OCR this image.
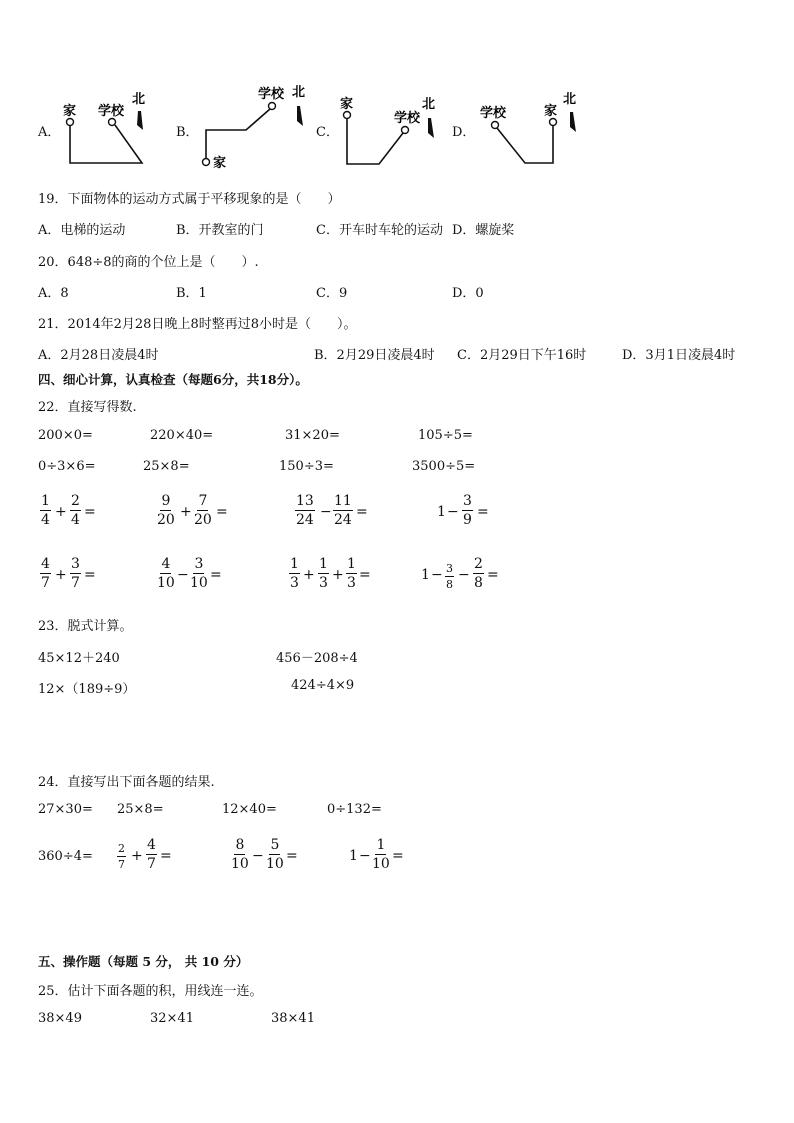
A．
家 学校
北
B．
学校 北
家
C．
家
学校
北
D．
学校	家
北
19．下面物体的运动方式属于平移现象的是（　　）
A．电梯的运动	B．开教室的门	C．开车时车轮的运动 D．螺旋桨
20．648÷8的商的个位上是（　　）.
A．8	B．1	C．9	D．0
21．2014年2月28日晚上8时整再过8小时是（　　）。
A．2月28日凌晨4时	B．2月29日凌晨4时 C．2月29日下午16时	D．3月1日凌晨4时
四、细心计算，认真检查（每题6分，共18分）。
22．直接写得数.
200×0=	220×40=	31×20=	105÷5=
0÷3×6=	25×8=	150÷3=	3500÷5=
$\frac{1}{4} + \frac{2}{4}$ =	$\frac{9}{20} + \frac{7}{20}$ =	$\frac{13}{24} - \frac{11}{24}$ =	$1 - \frac{3}{9}$ =
$\frac{4}{7} + \frac{3}{7}$ =	$\frac{4}{10} - \frac{3}{10}$ =	$\frac{1}{3} + \frac{1}{3} + \frac{1}{3}$ =	$1 - \frac{3}{8} - \frac{2}{8}$ =
23．脱式计算。
45×12＋240	456－208÷4
12×（189÷9）	424÷4×9
24．直接写出下面各题的结果.
27×30= 25×8=	12×40=	0÷132=
$360\div 4= \frac{2}{7} + \frac{4}{7}$ =	$\frac{8}{10} - \frac{5}{10}$ =	$1 - \frac{1}{10}$ =
五、操作题（每题 5 分， 共 10 分）
25．估计下面各题的积，用线连一连。
38×49	32×41	38×41
